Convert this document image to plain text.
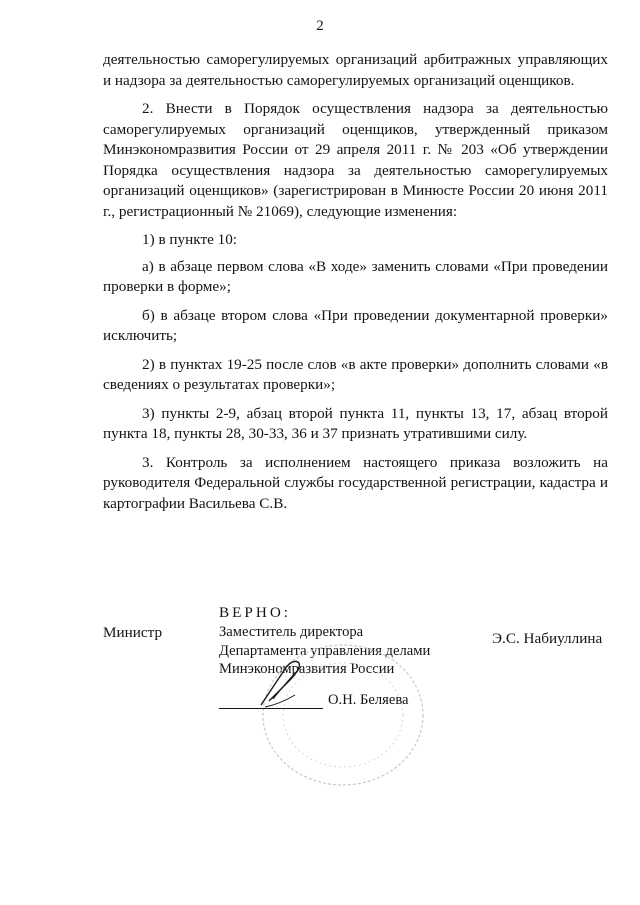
2

деятельностью саморегулируемых организаций арбитражных управляющих и надзора за деятельностью саморегулируемых организаций оценщиков.

2. Внести в Порядок осуществления надзора за деятельностью саморегулируемых организаций оценщиков, утвержденный приказом Минэкономразвития России от 29 апреля 2011 г. № 203 «Об утверждении Порядка осуществления надзора за деятельностью саморегулируемых организаций оценщиков» (зарегистрирован в Минюсте России 20 июня 2011 г., регистрационный № 21069), следующие изменения:

1) в пункте 10:

а) в абзаце первом слова «В ходе» заменить словами «При проведении проверки в форме»;

б) в абзаце втором слова «При проведении документарной проверки» исключить;

2) в пунктах 19-25 после слов «в акте проверки» дополнить словами «в сведениях о результатах проверки»;

3) пункты 2-9, абзац второй пункта 11, пункты 13, 17, абзац второй пункта 18, пункты 28, 30-33, 36 и 37 признать утратившими силу.

3. Контроль за исполнением настоящего приказа возложить на руководителя Федеральной службы государственной регистрации, кадастра и картографии Васильева С.В.

Министр	Э.С. Набиуллина
ВЕРНО:
Заместитель директора
Департамента управления делами
Минэкономразвития России
О.Н. Беляева
